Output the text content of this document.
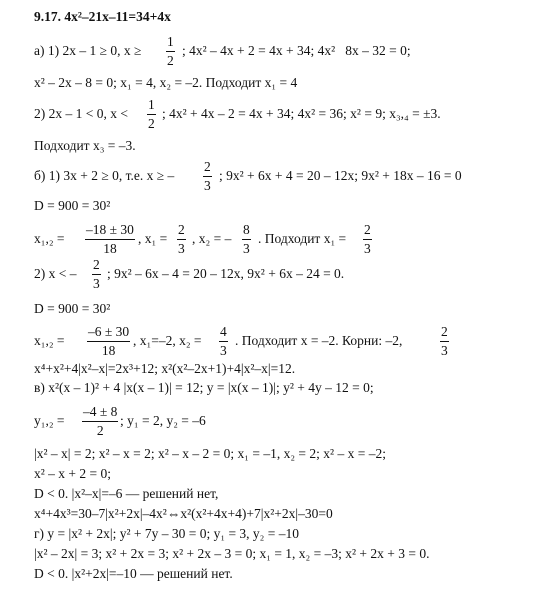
9.17. 4x²–21x–11=34+4x
а) 1) 2x – 1 ≥ 0, $x \ge \frac{1}{2}$ ; 4x² – 4x + 2 = 4x + 34; 4x²   8x – 32 = 0;
x² – 2x – 8 = 0; x₁ = 4, x₂ = –2. Подходит x₁ = 4
2) 2x – 1 < 0, $x < \frac{1}{2}$ ; 4x² + 4x – 2 = 4x + 34; 4x² = 36; x² = 9; x₃,₄ = ±3.
Подходит x₃ = –3.
б) 1) 3x + 2 ≥ 0, т.е. x ≥ – $\frac{2}{3}$ ; 9x² + 6x + 4 = 20 – 12x; 9x² + 18x – 16 = 0
D = 900 = 30²
$x_1,_2 = \frac{-18 \pm 30}{18}$ , $x_1 = \frac{2}{3}$ , x₂ = – $\frac{8}{3}$ . Подходит $x_1 = \frac{2}{3}$
2) x < – $\frac{2}{3}$ ; 9x² – 6x – 4 = 20 – 12x, 9x² + 6x – 24 = 0.
D = 900 = 30²
$x_1,_2 = \frac{-6 \pm 30}{18}$ , x₁=–2, $x_2 = \frac{4}{3}$ . Подходит x = –2. Корни: –2,	$\frac{2}{3}$
x⁴+x²+4|x²–x|=2x³+12; x²(x²–2x+1)+4|x²–x|=12.
в) x²(x – 1)² + 4 |x(x – 1)| = 12; y = |x(x – 1)|; y² + 4y – 12 = 0;
$y_1,_2 = \frac{-4 \pm 8}{2}$ ; y₁ = 2, y₂ = –6
|x² – x| = 2; x² – x = 2; x² – x – 2 = 0; x₁ = –1, x₂ = 2; x² – x = –2;
x² – x + 2 = 0;
D < 0. |x²–x|=–6 — решений нет,
x⁴+4x³=30–7|x²+2x|–4x²⇔x²(x²+4x+4)+7|x²+2x|–30=0
г) y = |x² + 2x|; y² + 7y – 30 = 0; y₁ = 3, y₂ = –10
|x² – 2x| = 3; x² + 2x = 3; x² + 2x – 3 = 0; x₁ = 1, x₂ = –3; x² + 2x + 3 = 0.
D < 0. |x²+2x|=–10 — решений нет.
